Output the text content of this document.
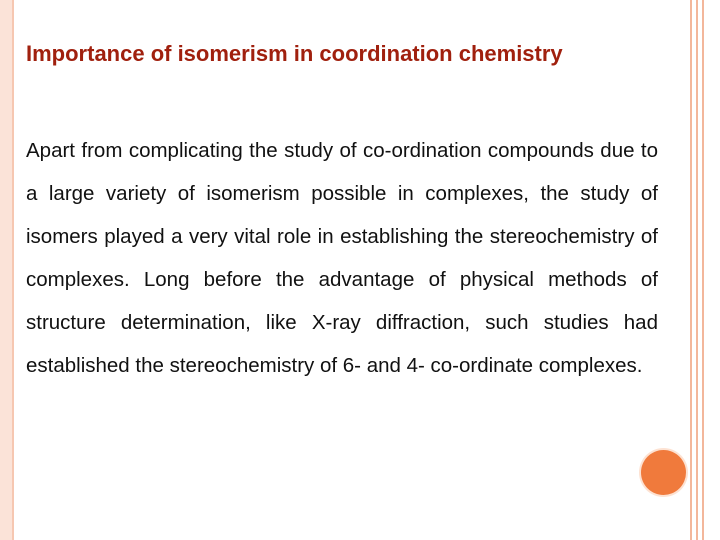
Importance of isomerism in coordination chemistry

Apart from complicating the study of co-ordination compounds due to a large variety of isomerism possible in complexes, the study of isomers played a very vital role in establishing the stereochemistry of complexes. Long before the advantage of physical methods of structure determination, like X-ray diffraction, such studies had established the stereochemistry of 6- and 4- co-ordinate complexes.
